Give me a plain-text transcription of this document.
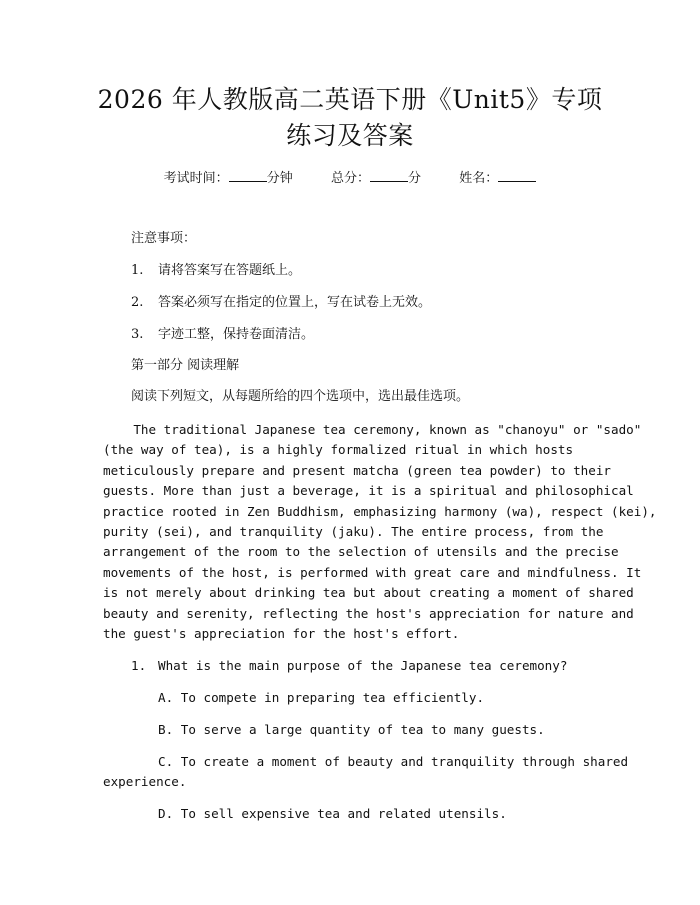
2026 年人教版高二英语下册《Unit5》专项
练习及答案
考试时间：	分钟	总分：	分	姓名：
注意事项：
1. 请将答案写在答题纸上。
2. 答案必须写在指定的位置上，写在试卷上无效。
3. 字迹工整，保持卷面清洁。
第一部分 阅读理解
阅读下列短文，从每题所给的四个选项中，选出最佳选项。
The traditional Japanese tea ceremony, known as "chanoyu" or "sado"
(the way of tea), is a highly formalized ritual in which hosts
meticulously prepare and present matcha (green tea powder) to their
guests. More than just a beverage, it is a spiritual and philosophical
practice rooted in Zen Buddhism, emphasizing harmony (wa), respect (kei),
purity (sei), and tranquility (jaku). The entire process, from the
arrangement of the room to the selection of utensils and the precise
movements of the host, is performed with great care and mindfulness. It
is not merely about drinking tea but about creating a moment of shared
beauty and serenity, reflecting the host's appreciation for nature and
the guest's appreciation for the host's effort.
1. What is the main purpose of the Japanese tea ceremony?
A. To compete in preparing tea efficiently.
B. To serve a large quantity of tea to many guests.
C. To create a moment of beauty and tranquility through shared
experience.
D. To sell expensive tea and related utensils.
